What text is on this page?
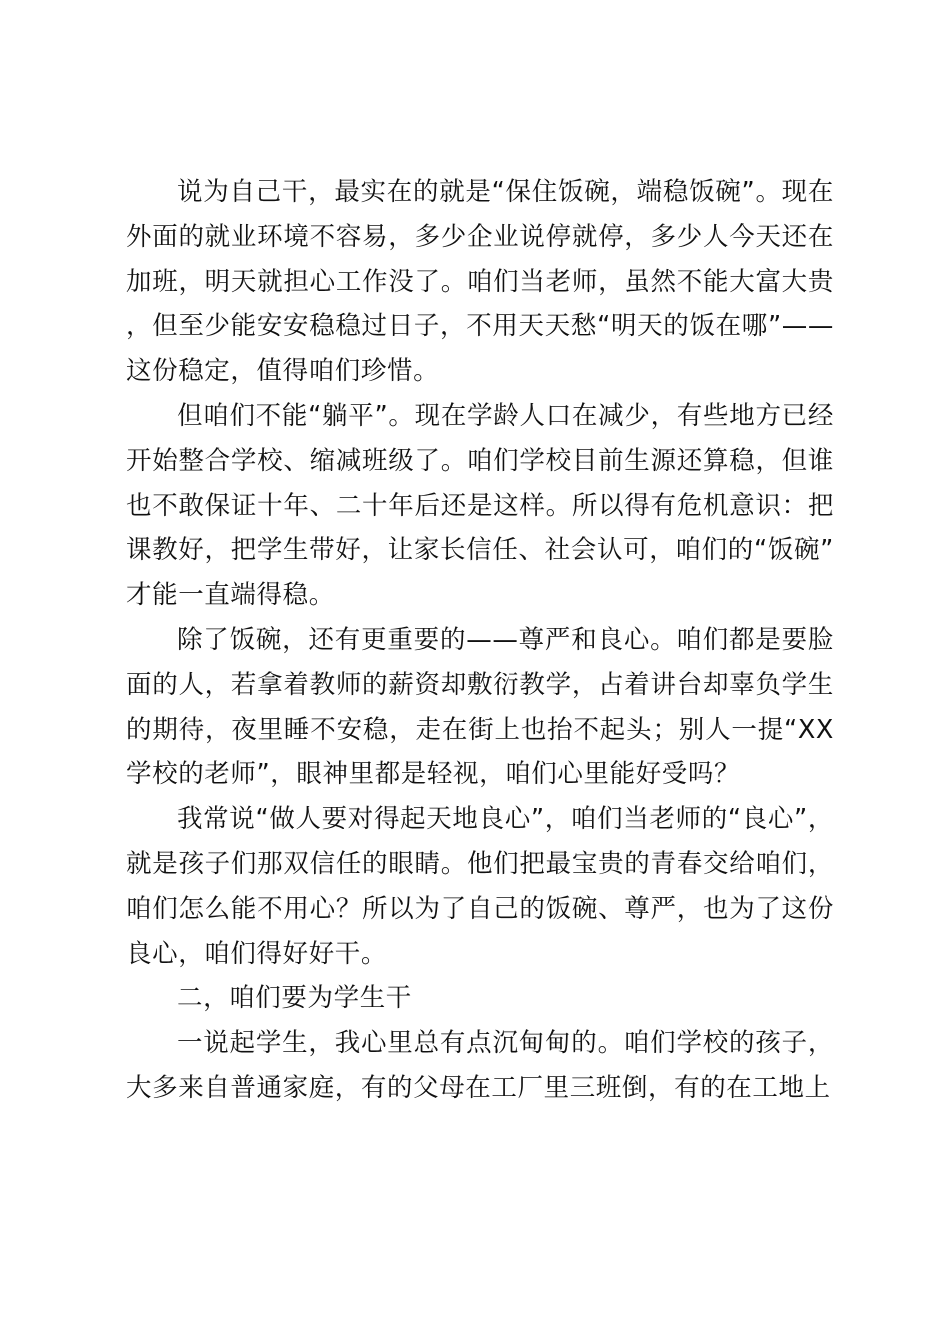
说为自己干，最实在的就是“保住饭碗，端稳饭碗”。现在外面的就业环境不容易，多少企业说停就停，多少人今天还在加班，明天就担心工作没了。咱们当老师，虽然不能大富大贵，但至少能安安稳稳过日子，不用天天愁“明天的饭在哪”——这份稳定，值得咱们珍惜。

但咱们不能“躺平”。现在学龄人口在减少，有些地方已经开始整合学校、缩减班级了。咱们学校目前生源还算稳，但谁也不敢保证十年、二十年后还是这样。所以得有危机意识：把课教好，把学生带好，让家长信任、社会认可，咱们的“饭碗”才能一直端得稳。

除了饭碗，还有更重要的——尊严和良心。咱们都是要脸面的人，若拿着教师的薪资却敷衍教学，占着讲台却辜负学生的期待，夜里睡不安稳，走在街上也抬不起头；别人一提“XX学校的老师”，眼神里都是轻视，咱们心里能好受吗？

我常说“做人要对得起天地良心”，咱们当老师的“良心”，就是孩子们那双信任的眼睛。他们把最宝贵的青春交给咱们，咱们怎么能不用心？所以为了自己的饭碗、尊严，也为了这份良心，咱们得好好干。

二，咱们要为学生干

一说起学生，我心里总有点沉甸甸的。咱们学校的孩子，大多来自普通家庭，有的父母在工厂里三班倒，有的在工地上
